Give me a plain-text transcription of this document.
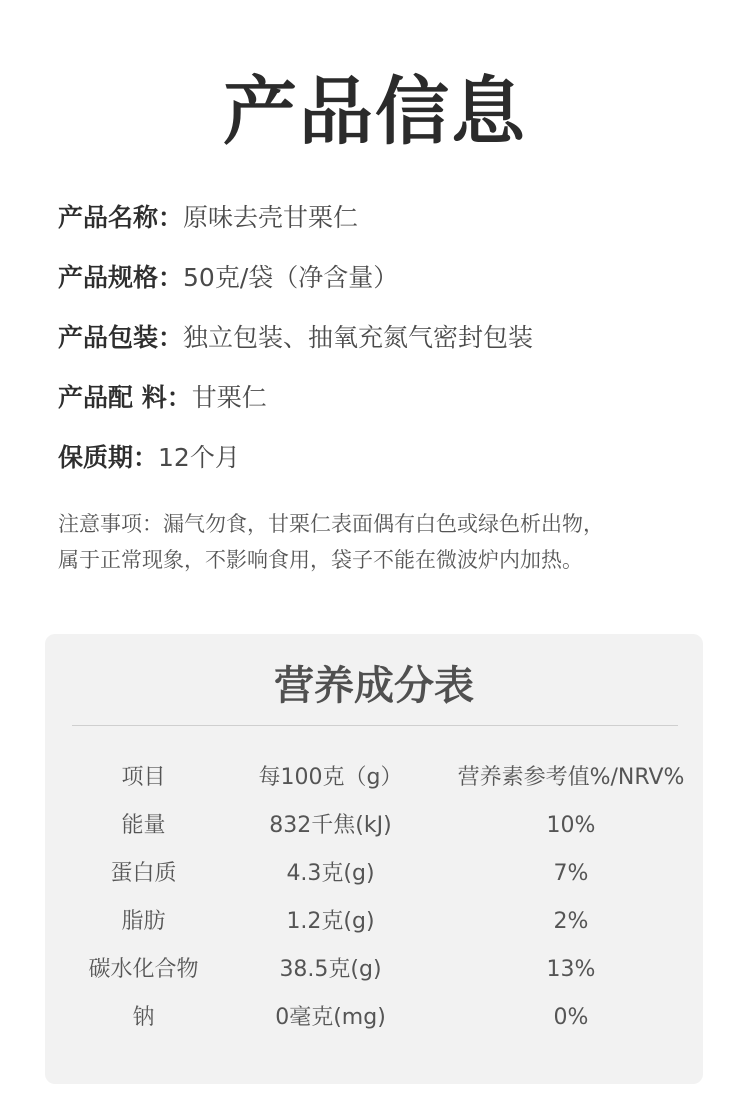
产品信息
产品名称：原味去壳甘栗仁
产品规格：50克/袋（净含量）
产品包装：独立包装、抽氧充氮气密封包装
产品配 料：甘栗仁
保质期：12个月
注意事项：漏气勿食，甘栗仁表面偶有白色或绿色析出物，
属于正常现象，不影响食用，袋子不能在微波炉内加热。
营养成分表
项目	每100克（g）	营养素参考值%/NRV%
能量	832千焦(kJ)	10%
蛋白质	4.3克(g)	7%
脂肪	1.2克(g)	2%
碳水化合物	38.5克(g)	13%
钠	0毫克(mg)	0%
